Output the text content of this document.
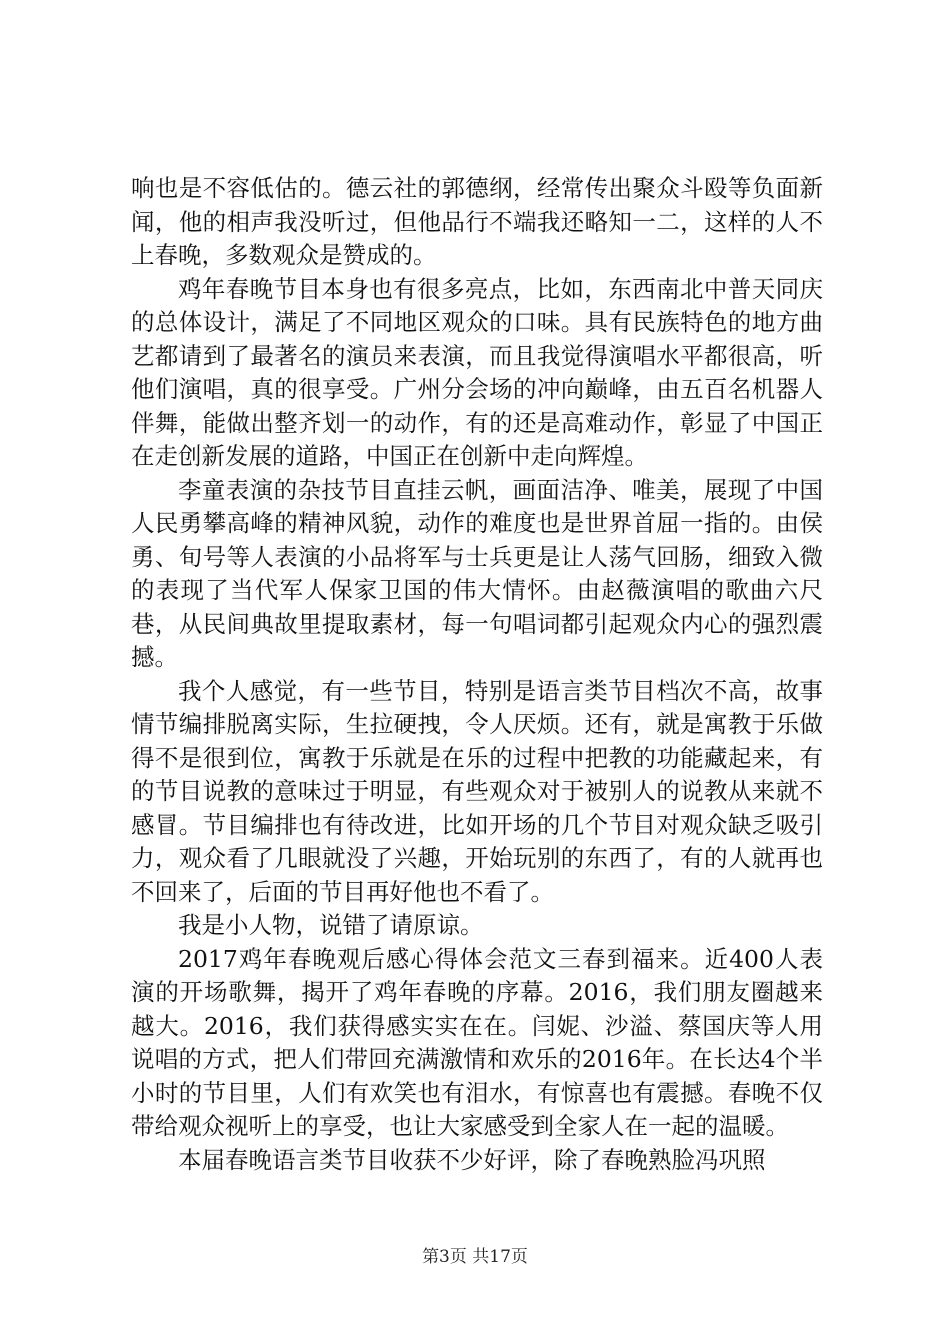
响也是不容低估的。德云社的郭德纲，经常传出聚众斗殴等负面新闻，他的相声我没听过，但他品行不端我还略知一二，这样的人不上春晚，多数观众是赞成的。

鸡年春晚节目本身也有很多亮点，比如，东西南北中普天同庆的总体设计，满足了不同地区观众的口味。具有民族特色的地方曲艺都请到了最著名的演员来表演，而且我觉得演唱水平都很高，听他们演唱，真的很享受。广州分会场的冲向巅峰，由五百名机器人伴舞，能做出整齐划一的动作，有的还是高难动作，彰显了中国正在走创新发展的道路，中国正在创新中走向辉煌。

李童表演的杂技节目直挂云帆，画面洁净、唯美，展现了中国人民勇攀高峰的精神风貌，动作的难度也是世界首屈一指的。由侯勇、旬号等人表演的小品将军与士兵更是让人荡气回肠，细致入微的表现了当代军人保家卫国的伟大情怀。由赵薇演唱的歌曲六尺巷，从民间典故里提取素材，每一句唱词都引起观众内心的强烈震撼。

我个人感觉，有一些节目，特别是语言类节目档次不高，故事情节编排脱离实际，生拉硬拽，令人厌烦。还有，就是寓教于乐做得不是很到位，寓教于乐就是在乐的过程中把教的功能藏起来，有的节目说教的意味过于明显，有些观众对于被别人的说教从来就不感冒。节目编排也有待改进，比如开场的几个节目对观众缺乏吸引力，观众看了几眼就没了兴趣，开始玩别的东西了，有的人就再也不回来了，后面的节目再好他也不看了。

我是小人物，说错了请原谅。

2017鸡年春晚观后感心得体会范文三春到福来。近400人表演的开场歌舞，揭开了鸡年春晚的序幕。2016，我们朋友圈越来越大。2016，我们获得感实实在在。闫妮、沙溢、蔡国庆等人用说唱的方式，把人们带回充满激情和欢乐的2016年。在长达4个半小时的节目里，人们有欢笑也有泪水，有惊喜也有震撼。春晚不仅带给观众视听上的享受，也让大家感受到全家人在一起的温暖。

本届春晚语言类节目收获不少好评，除了春晚熟脸冯巩照

第3页 共17页
